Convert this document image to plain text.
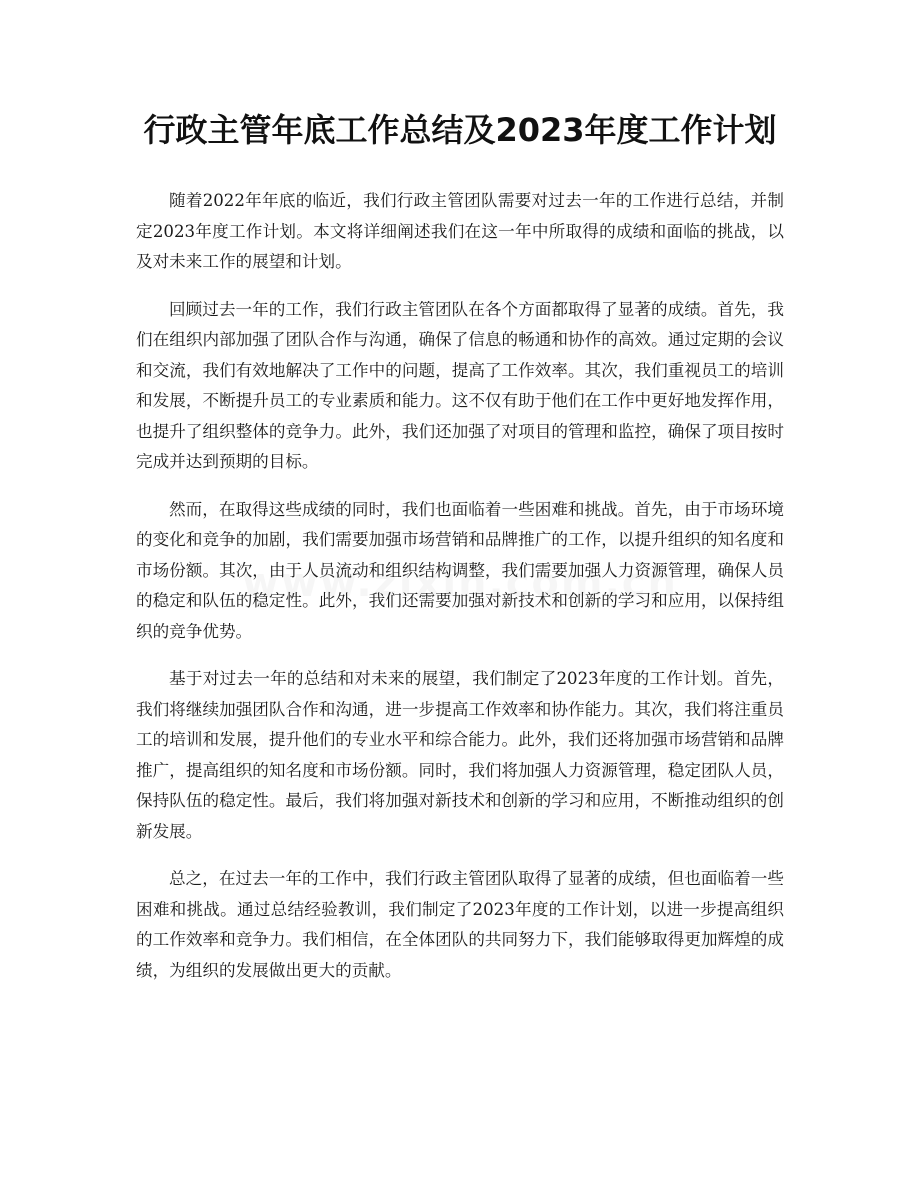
行政主管年底工作总结及2023年度工作计划

随着2022年年底的临近，我们行政主管团队需要对过去一年的工作进行总结，并制定2023年度工作计划。本文将详细阐述我们在这一年中所取得的成绩和面临的挑战，以及对未来工作的展望和计划。

回顾过去一年的工作，我们行政主管团队在各个方面都取得了显著的成绩。首先，我们在组织内部加强了团队合作与沟通，确保了信息的畅通和协作的高效。通过定期的会议和交流，我们有效地解决了工作中的问题，提高了工作效率。其次，我们重视员工的培训和发展，不断提升员工的专业素质和能力。这不仅有助于他们在工作中更好地发挥作用，也提升了组织整体的竞争力。此外，我们还加强了对项目的管理和监控，确保了项目按时完成并达到预期的目标。

然而，在取得这些成绩的同时，我们也面临着一些困难和挑战。首先，由于市场环境的变化和竞争的加剧，我们需要加强市场营销和品牌推广的工作，以提升组织的知名度和市场份额。其次，由于人员流动和组织结构调整，我们需要加强人力资源管理，确保人员的稳定和队伍的稳定性。此外，我们还需要加强对新技术和创新的学习和应用，以保持组织的竞争优势。

基于对过去一年的总结和对未来的展望，我们制定了2023年度的工作计划。首先，我们将继续加强团队合作和沟通，进一步提高工作效率和协作能力。其次，我们将注重员工的培训和发展，提升他们的专业水平和综合能力。此外，我们还将加强市场营销和品牌推广，提高组织的知名度和市场份额。同时，我们将加强人力资源管理，稳定团队人员，保持队伍的稳定性。最后，我们将加强对新技术和创新的学习和应用，不断推动组织的创新发展。

总之，在过去一年的工作中，我们行政主管团队取得了显著的成绩，但也面临着一些困难和挑战。通过总结经验教训，我们制定了2023年度的工作计划，以进一步提高组织的工作效率和竞争力。我们相信，在全体团队的共同努力下，我们能够取得更加辉煌的成绩，为组织的发展做出更大的贡献。
